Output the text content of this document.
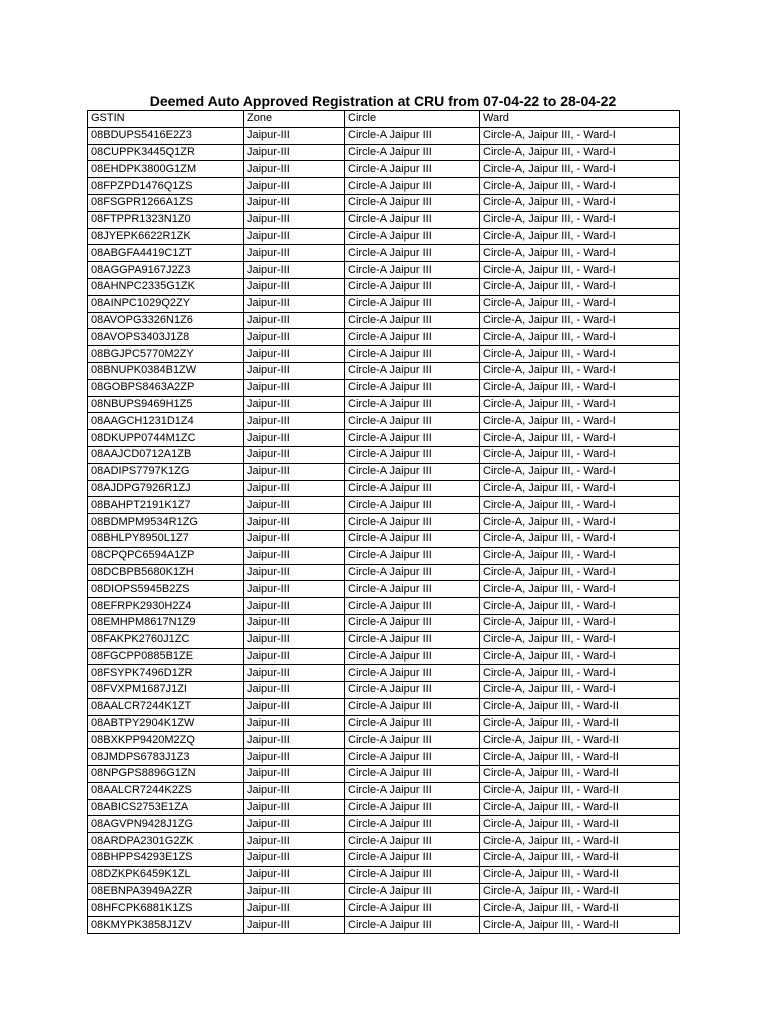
Deemed Auto Approved Registration at CRU from 07-04-22 to 28-04-22
GSTIN	Zone	Circle	Ward
08BDUPS5416E2Z3	Jaipur-III	Circle-A Jaipur III	Circle-A, Jaipur III, - Ward-I
08CUPPK3445Q1ZR	Jaipur-III	Circle-A Jaipur III	Circle-A, Jaipur III, - Ward-I
08EHDPK3800G1ZM	Jaipur-III	Circle-A Jaipur III	Circle-A, Jaipur III, - Ward-I
08FPZPD1476Q1ZS	Jaipur-III	Circle-A Jaipur III	Circle-A, Jaipur III, - Ward-I
08FSGPR1266A1ZS	Jaipur-III	Circle-A Jaipur III	Circle-A, Jaipur III, - Ward-I
08FTPPR1323N1Z0	Jaipur-III	Circle-A Jaipur III	Circle-A, Jaipur III, - Ward-I
08JYEPK6622R1ZK	Jaipur-III	Circle-A Jaipur III	Circle-A, Jaipur III, - Ward-I
08ABGFA4419C1ZT	Jaipur-III	Circle-A Jaipur III	Circle-A, Jaipur III, - Ward-I
08AGGPA9167J2Z3	Jaipur-III	Circle-A Jaipur III	Circle-A, Jaipur III, - Ward-I
08AHNPC2335G1ZK	Jaipur-III	Circle-A Jaipur III	Circle-A, Jaipur III, - Ward-I
08AINPC1029Q2ZY	Jaipur-III	Circle-A Jaipur III	Circle-A, Jaipur III, - Ward-I
08AVOPG3326N1Z6	Jaipur-III	Circle-A Jaipur III	Circle-A, Jaipur III, - Ward-I
08AVOPS3403J1Z8	Jaipur-III	Circle-A Jaipur III	Circle-A, Jaipur III, - Ward-I
08BGJPC5770M2ZY	Jaipur-III	Circle-A Jaipur III	Circle-A, Jaipur III, - Ward-I
08BNUPK0384B1ZW	Jaipur-III	Circle-A Jaipur III	Circle-A, Jaipur III, - Ward-I
08GOBPS8463A2ZP	Jaipur-III	Circle-A Jaipur III	Circle-A, Jaipur III, - Ward-I
08NBUPS9469H1Z5	Jaipur-III	Circle-A Jaipur III	Circle-A, Jaipur III, - Ward-I
08AAGCH1231D1Z4	Jaipur-III	Circle-A Jaipur III	Circle-A, Jaipur III, - Ward-I
08DKUPP0744M1ZC	Jaipur-III	Circle-A Jaipur III	Circle-A, Jaipur III, - Ward-I
08AAJCD0712A1ZB	Jaipur-III	Circle-A Jaipur III	Circle-A, Jaipur III, - Ward-I
08ADIPS7797K1ZG	Jaipur-III	Circle-A Jaipur III	Circle-A, Jaipur III, - Ward-I
08AJDPG7926R1ZJ	Jaipur-III	Circle-A Jaipur III	Circle-A, Jaipur III, - Ward-I
08BAHPT2191K1Z7	Jaipur-III	Circle-A Jaipur III	Circle-A, Jaipur III, - Ward-I
08BDMPM9534R1ZG	Jaipur-III	Circle-A Jaipur III	Circle-A, Jaipur III, - Ward-I
08BHLPY8950L1Z7	Jaipur-III	Circle-A Jaipur III	Circle-A, Jaipur III, - Ward-I
08CPQPC6594A1ZP	Jaipur-III	Circle-A Jaipur III	Circle-A, Jaipur III, - Ward-I
08DCBPB5680K1ZH	Jaipur-III	Circle-A Jaipur III	Circle-A, Jaipur III, - Ward-I
08DIOPS5945B2ZS	Jaipur-III	Circle-A Jaipur III	Circle-A, Jaipur III, - Ward-I
08EFRPK2930H2Z4	Jaipur-III	Circle-A Jaipur III	Circle-A, Jaipur III, - Ward-I
08EMHPM8617N1Z9	Jaipur-III	Circle-A Jaipur III	Circle-A, Jaipur III, - Ward-I
08FAKPK2760J1ZC	Jaipur-III	Circle-A Jaipur III	Circle-A, Jaipur III, - Ward-I
08FGCPP0885B1ZE	Jaipur-III	Circle-A Jaipur III	Circle-A, Jaipur III, - Ward-I
08FSYPK7496D1ZR	Jaipur-III	Circle-A Jaipur III	Circle-A, Jaipur III, - Ward-I
08FVXPM1687J1ZI	Jaipur-III	Circle-A Jaipur III	Circle-A, Jaipur III, - Ward-I
08AALCR7244K1ZT	Jaipur-III	Circle-A Jaipur III	Circle-A, Jaipur III, - Ward-II
08ABTPY2904K1ZW	Jaipur-III	Circle-A Jaipur III	Circle-A, Jaipur III, - Ward-II
08BXKPP9420M2ZQ	Jaipur-III	Circle-A Jaipur III	Circle-A, Jaipur III, - Ward-II
08JMDPS6783J1Z3	Jaipur-III	Circle-A Jaipur III	Circle-A, Jaipur III, - Ward-II
08NPGPS8896G1ZN	Jaipur-III	Circle-A Jaipur III	Circle-A, Jaipur III, - Ward-II
08AALCR7244K2ZS	Jaipur-III	Circle-A Jaipur III	Circle-A, Jaipur III, - Ward-II
08ABICS2753E1ZA	Jaipur-III	Circle-A Jaipur III	Circle-A, Jaipur III, - Ward-II
08AGVPN9428J1ZG	Jaipur-III	Circle-A Jaipur III	Circle-A, Jaipur III, - Ward-II
08ARDPA2301G2ZK	Jaipur-III	Circle-A Jaipur III	Circle-A, Jaipur III, - Ward-II
08BHPPS4293E1ZS	Jaipur-III	Circle-A Jaipur III	Circle-A, Jaipur III, - Ward-II
08DZKPK6459K1ZL	Jaipur-III	Circle-A Jaipur III	Circle-A, Jaipur III, - Ward-II
08EBNPA3949A2ZR	Jaipur-III	Circle-A Jaipur III	Circle-A, Jaipur III, - Ward-II
08HFCPK6881K1ZS	Jaipur-III	Circle-A Jaipur III	Circle-A, Jaipur III, - Ward-II
08KMYPK3858J1ZV	Jaipur-III	Circle-A Jaipur III	Circle-A, Jaipur III, - Ward-II
